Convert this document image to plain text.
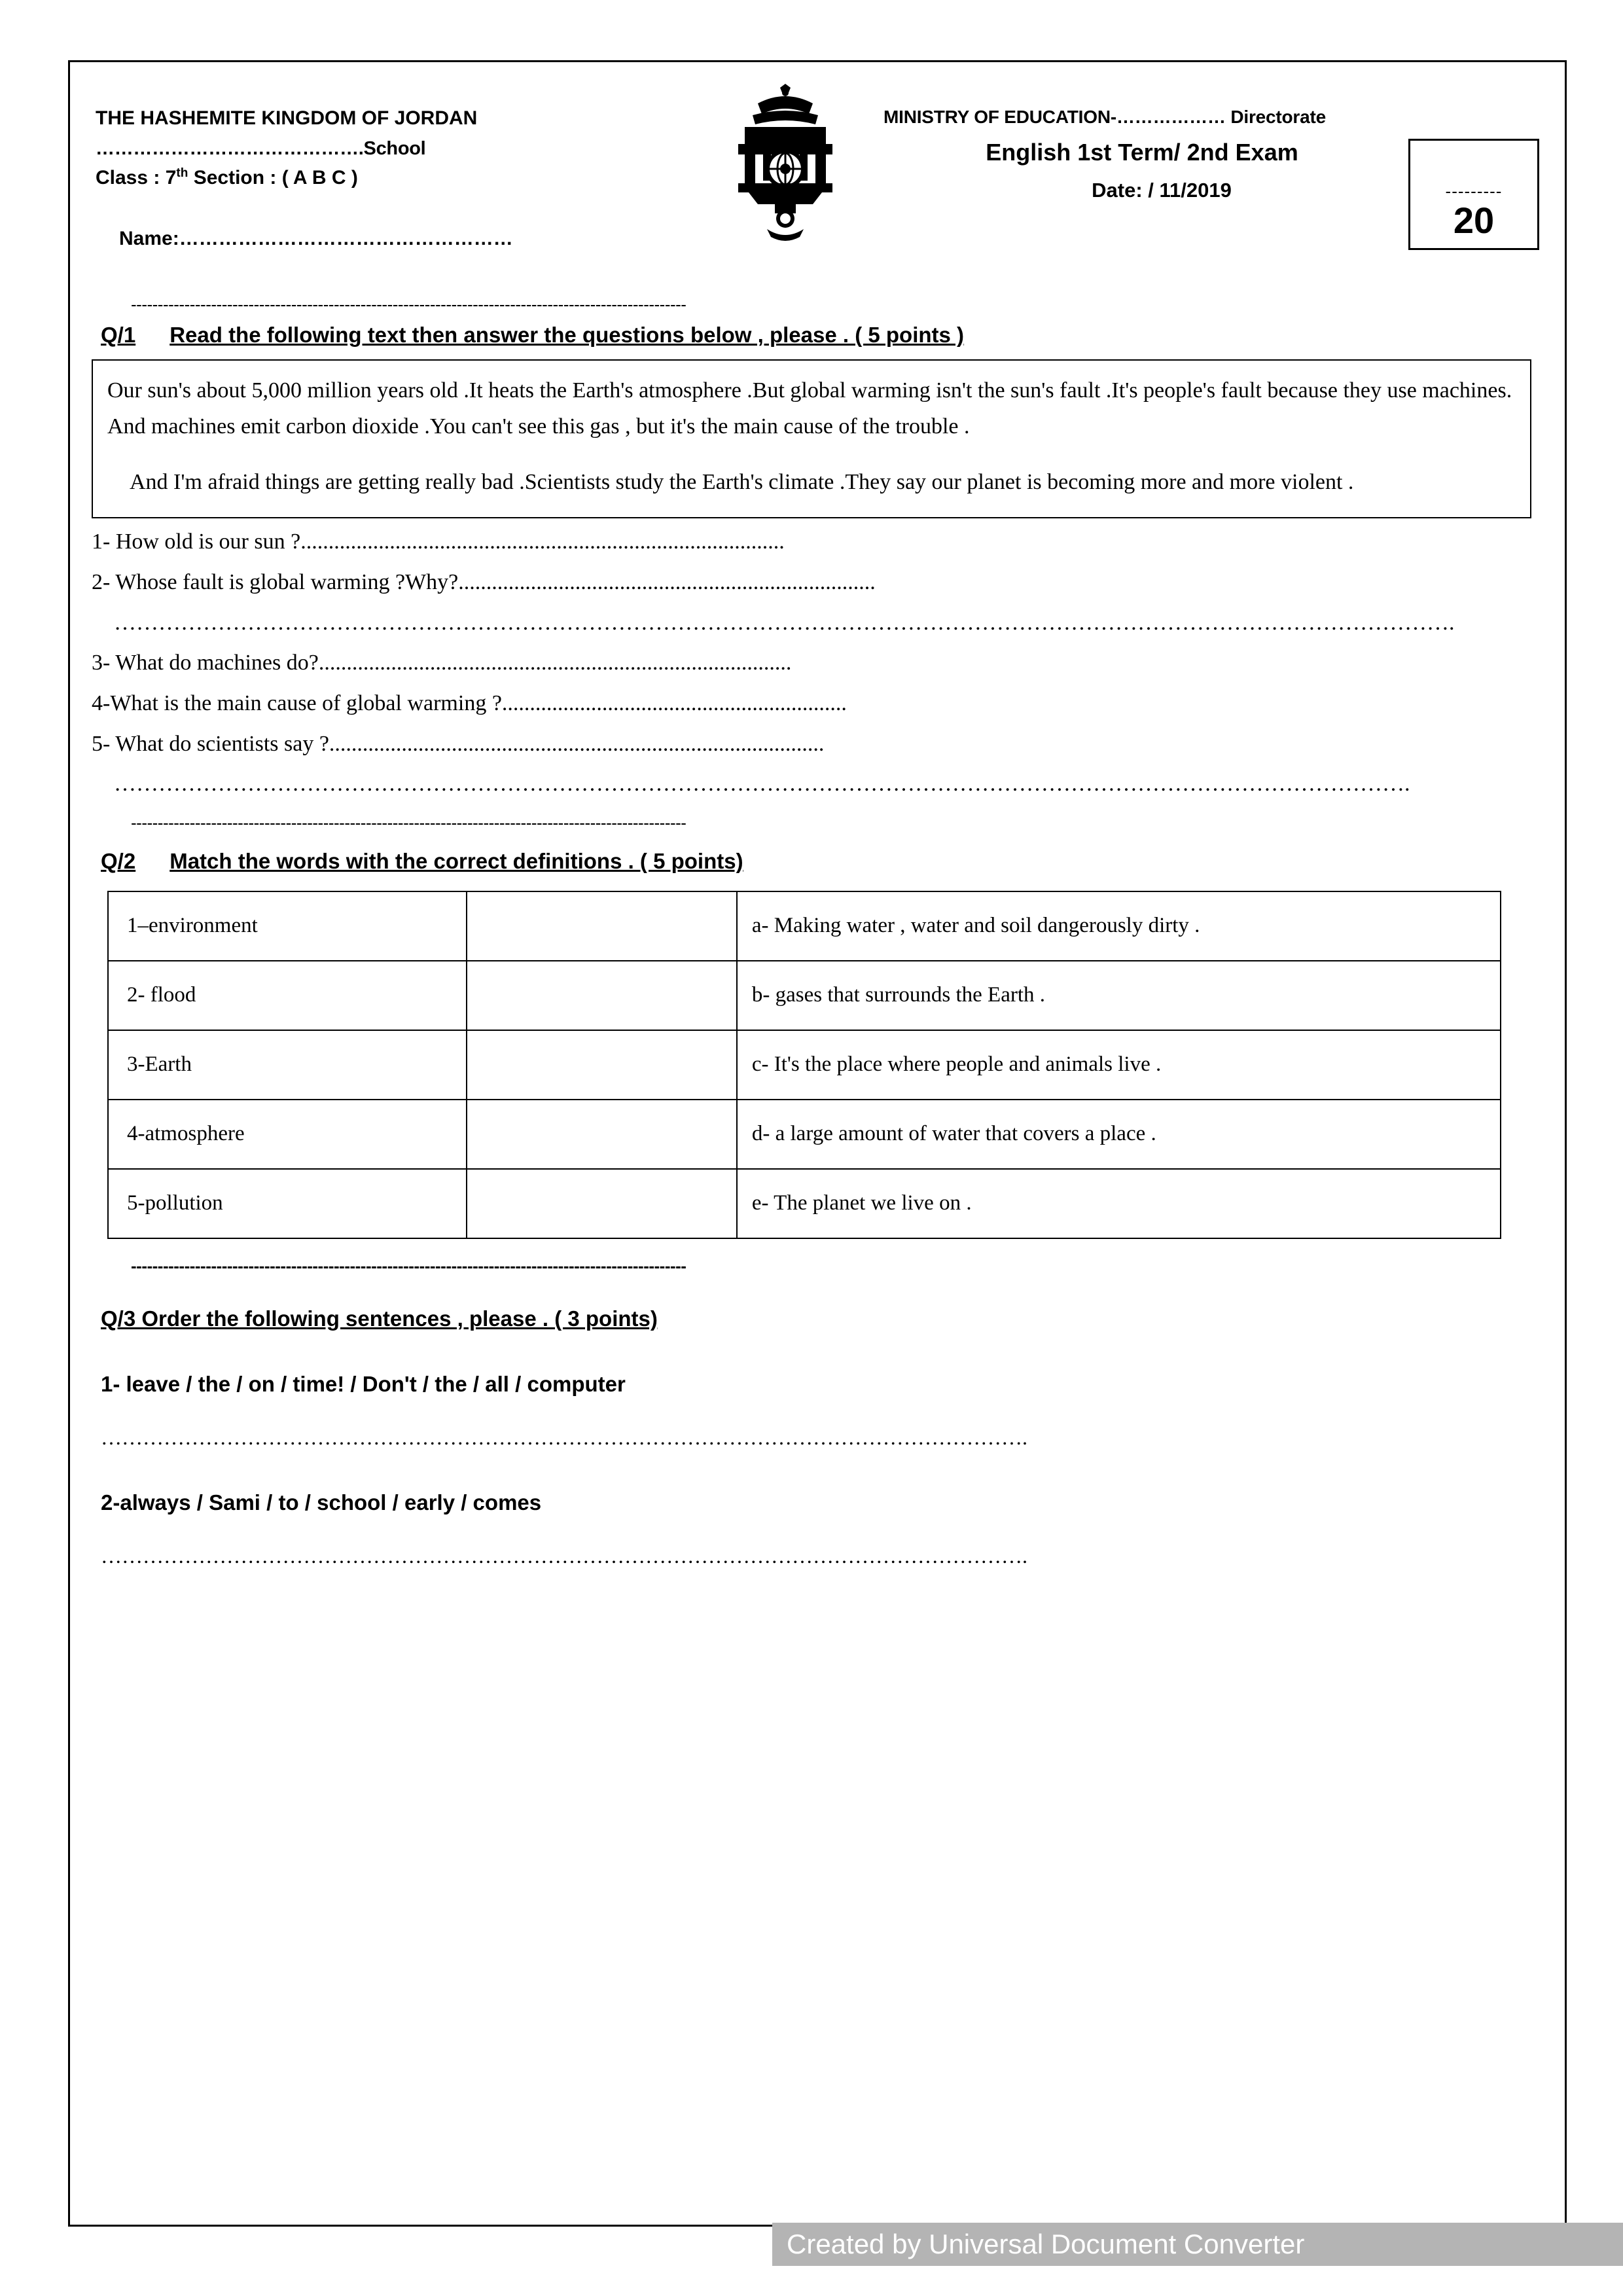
THE HASHEMITE KINGDOM OF JORDAN
…………………………………….School
Class : 7th Section : ( A B C )
Name:……………………………………………
MINISTRY OF EDUCATION-……………… Directorate
English 1st Term/ 2nd Exam
Date: / 11/2019	---------
20
--------------------------------------------------------------------------------------------------------
Q/1 Read the following text then answer the questions below , please . ( 5 points )

Our sun's about 5,000 million years old .It heats the Earth's atmosphere .But global warming isn't the sun's fault .It's people's fault because they use machines. And machines emit carbon dioxide .You can't see this gas , but it's the main cause of the trouble .

And I'm afraid things are getting really bad .Scientists study the Earth's climate .They say our planet is becoming more and more violent .

1- How old is our sun ?.......................................................................................
2- Whose fault is global warming ?Why?...........................................................................
……………………………………………………………………………………………………………………………………………………………….
3- What do machines do?.....................................................................................
4-What is the main cause of global warming ?..............................................................
5- What do scientists say ?.........................................................................................
………………………………………………………………………………………………………………………………………………………….
--------------------------------------------------------------------------------------------------------
Q/2 Match the words with the correct definitions . ( 5 points)
1–environment		a- Making water , water and soil dangerously dirty .
2- flood		b- gases that surrounds the Earth .
3-Earth		c- It's the place where people and animals live .
4-atmosphere		d- a large amount of water that covers a place .
5-pollution		e- The planet we live on .
--------------------------------------------------------------------------------------------------------
Q/3 Order the following sentences , please . ( 3 points)
1- leave / the / on / time! / Don't / the / all / computer
…………………………………………………………………………………………………………………….
2-always / Sami / to / school / early / comes
…………………………………………………………………………………………………………………….
Created by Universal Document Converter
